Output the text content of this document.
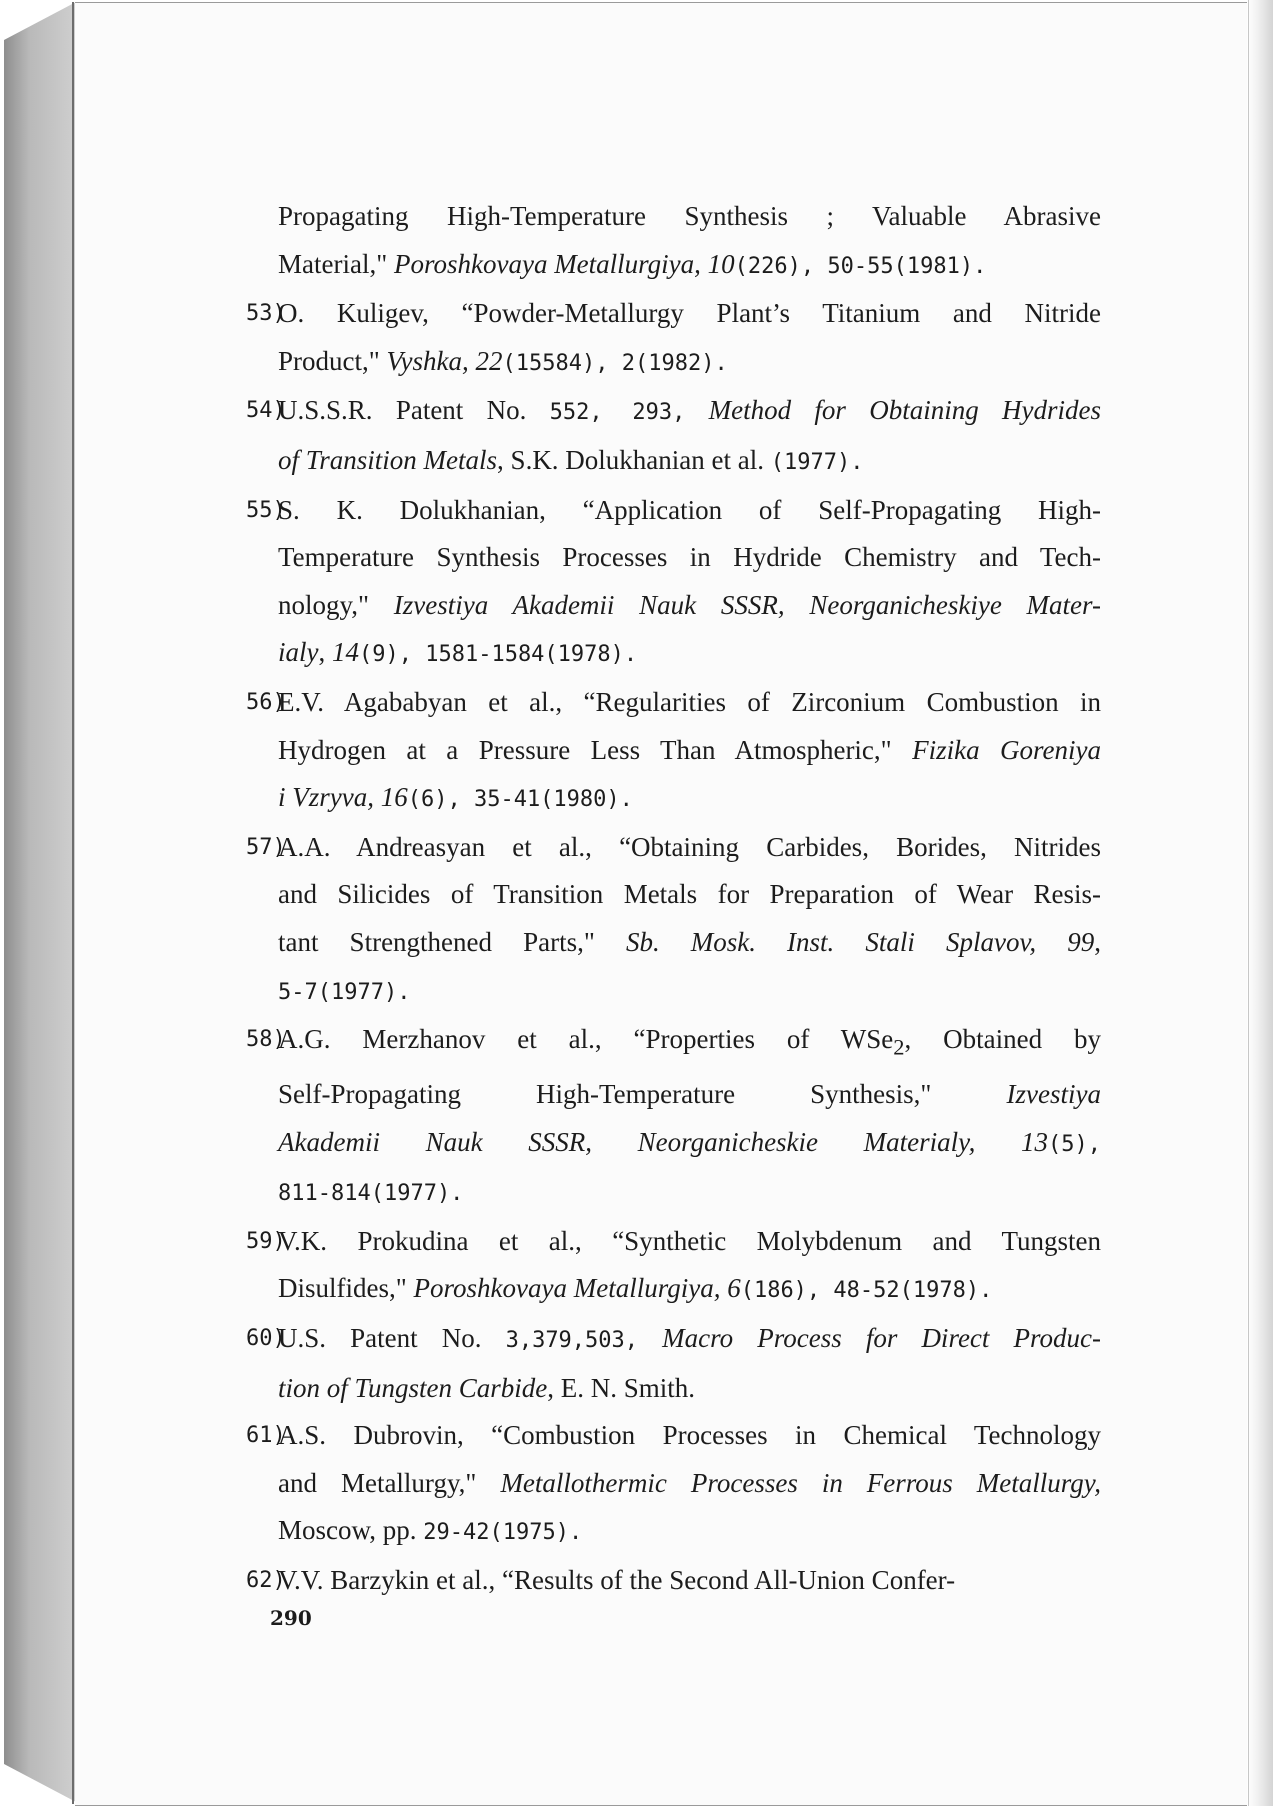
Propagating High-Temperature Synthesis ; Valuable Abrasive
Material," Poroshkovaya Metallurgiya, 10(226), 50-55(1981).
53)
O. Kuligev, “Powder-Metallurgy Plant’s Titanium and Nitride
Product," Vyshka, 22(15584), 2(1982).
54)
U.S.S.R. Patent No. 552, 293, Method for Obtaining Hydrides
of Transition Metals, S.K. Dolukhanian et al. (1977).
55)
S. K. Dolukhanian, “Application of Self-Propagating High-
Temperature Synthesis Processes in Hydride Chemistry and Tech-
nology," Izvestiya Akademii Nauk SSSR, Neorganicheskiye Mater-
ialy, 14(9), 1581-1584(1978).
56)
E.V. Agababyan et al., “Regularities of Zirconium Combustion in
Hydrogen at a Pressure Less Than Atmospheric," Fizika Goreniya
i Vzryva, 16(6), 35-41(1980).
57)
A.A. Andreasyan et al., “Obtaining Carbides, Borides, Nitrides
and Silicides of Transition Metals for Preparation of Wear Resis-
tant Strengthened Parts," Sb. Mosk. Inst. Stali Splavov, 99,
5-7(1977).
58)
A.G. Merzhanov et al., “Properties of WSe$_2$, Obtained by
Self-Propagating High-Temperature Synthesis," Izvestiya
Akademii Nauk SSSR, Neorganicheskie Materialy, 13(5),
811-814(1977).
59)
V.K. Prokudina et al., “Synthetic Molybdenum and Tungsten
Disulfides," Poroshkovaya Metallurgiya, 6(186), 48-52(1978).
60)
U.S. Patent No. 3,379,503, Macro Process for Direct Produc-
tion of Tungsten Carbide, E. N. Smith.
61)
A.S. Dubrovin, “Combustion Processes in Chemical Technology
and Metallurgy," Metallothermic Processes in Ferrous Metallurgy,
Moscow, pp. 29-42(1975).
62)
V.V. Barzykin et al., “Results of the Second All-Union Confer-
290
